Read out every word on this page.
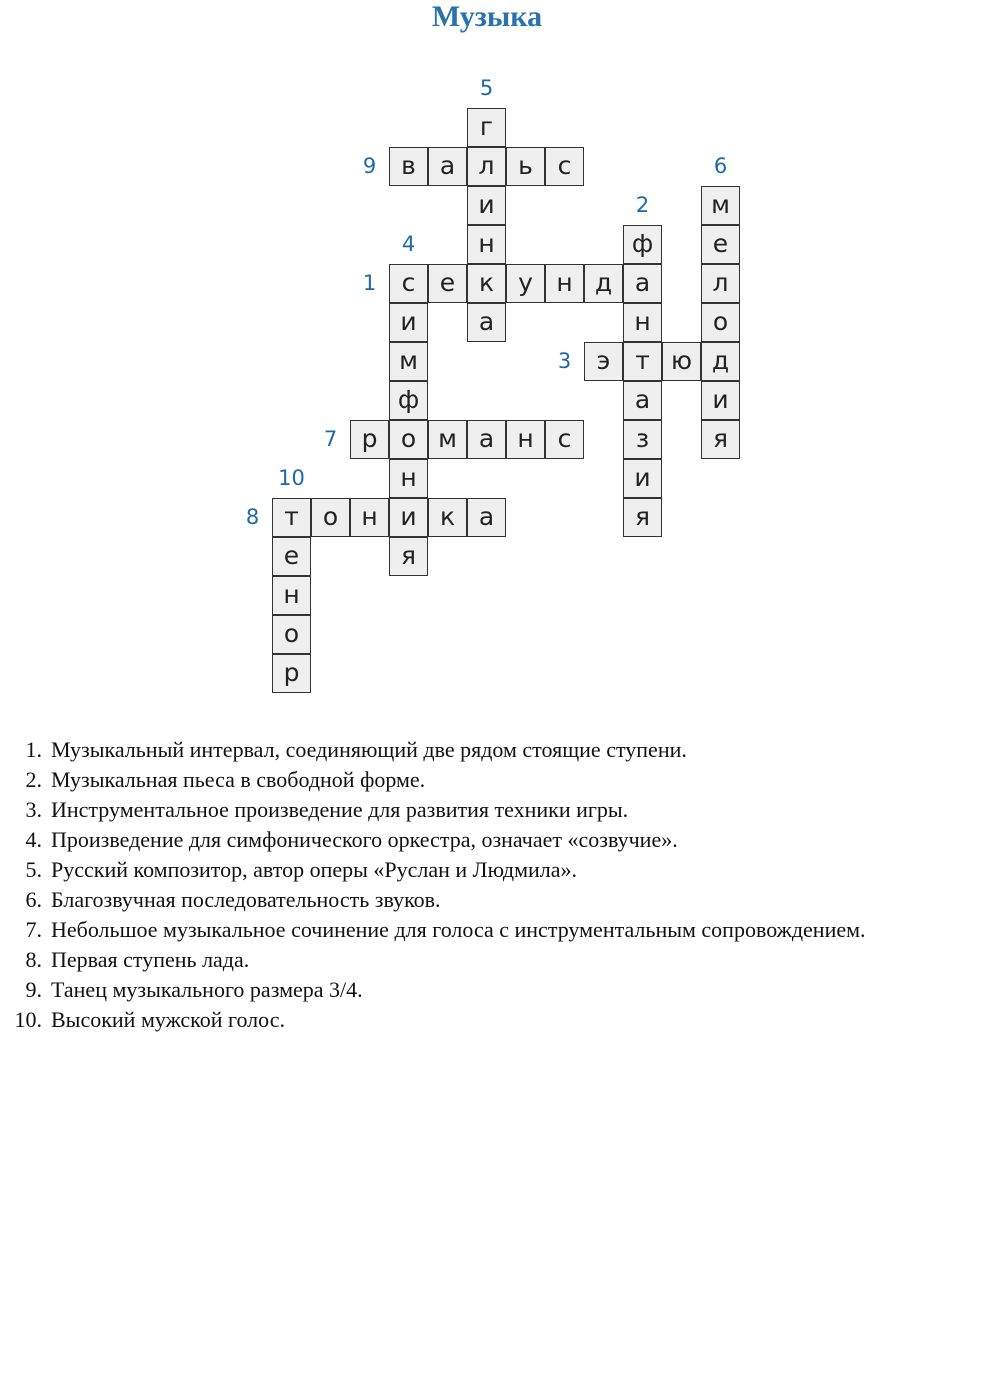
Музыка
9
1
3
7
8
5
6
2
4
10
в а л ь с
с е к у н д а
э т ю д
р о м а н с
т о н и к а
г
и
н
а
м
е
л
о
и
я
ф
н
а
з
и
я
и
м
ф
н
я
е
н
о
р
1. Музыкальный интервал, соединяющий две рядом стоящие ступени.
2. Музыкальная пьеса в свободной форме.
3. Инструментальное произведение для развития техники игры.
4. Произведение для симфонического оркестра, означает «созвучие».
5. Русский композитор, автор оперы «Руслан и Людмила».
6. Благозвучная последовательность звуков.
7. Небольшое музыкальное сочинение для голоса с инструментальным сопровождением.
8. Первая ступень лада.
9. Танец музыкального размера 3/4.
10. Высокий мужской голос.
